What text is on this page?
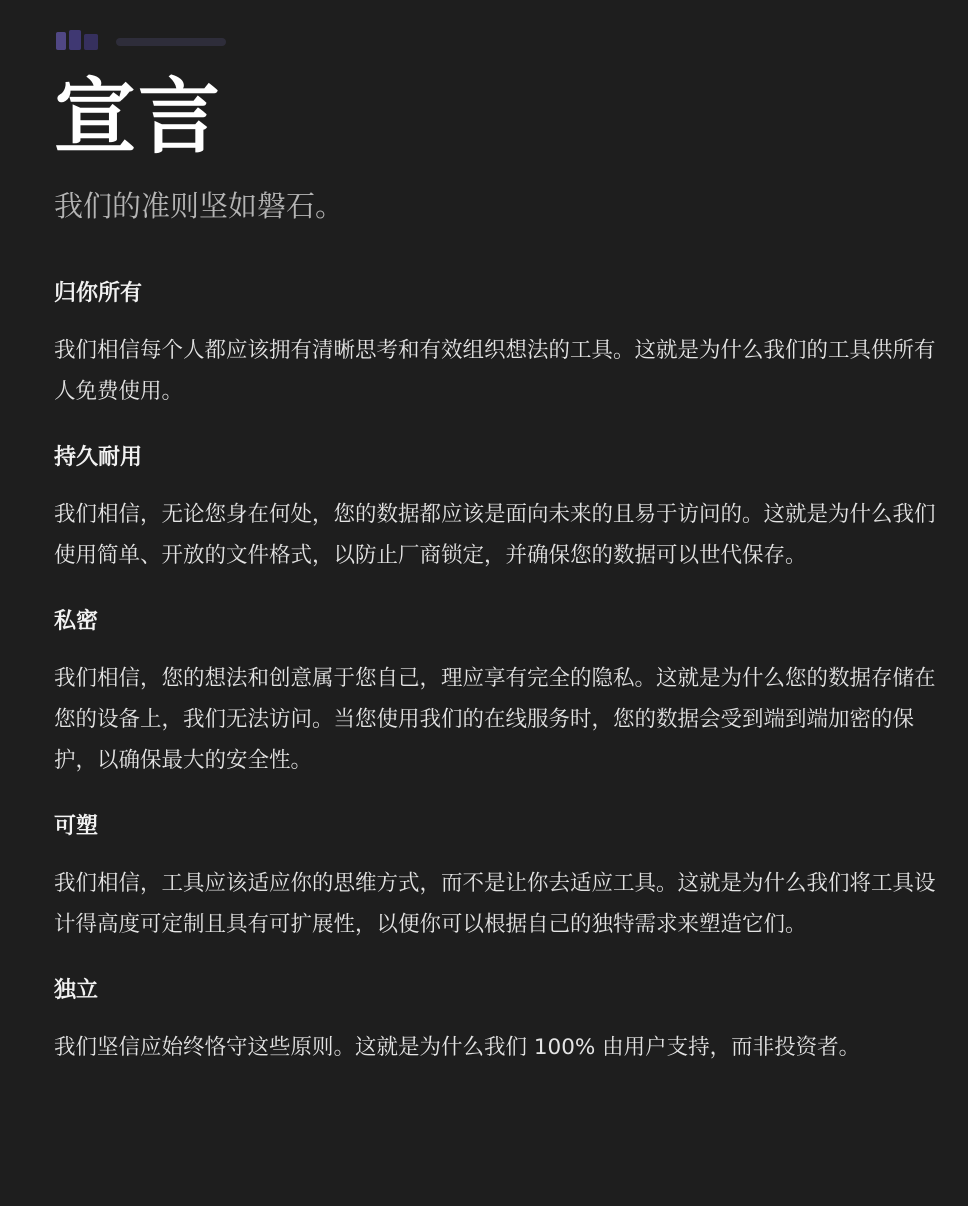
宣言
我们的准则坚如磐石。
归你所有
我们相信每个人都应该拥有清晰思考和有效组织想法的工具。这就是为什么我们的工具供所有人免费使用。
持久耐用
我们相信，无论您身在何处，您的数据都应该是面向未来的且易于访问的。这就是为什么我们使用简单、开放的文件格式，以防止厂商锁定，并确保您的数据可以世代保存。
私密
我们相信，您的想法和创意属于您自己，理应享有完全的隐私。这就是为什么您的数据存储在您的设备上，我们无法访问。当您使用我们的在线服务时，您的数据会受到端到端加密的保护，以确保最大的安全性。
可塑
我们相信，工具应该适应你的思维方式，而不是让你去适应工具。这就是为什么我们将工具设计得高度可定制且具有可扩展性，以便你可以根据自己的独特需求来塑造它们。
独立
我们坚信应始终恪守这些原则。这就是为什么我们 100% 由用户支持，而非投资者。
